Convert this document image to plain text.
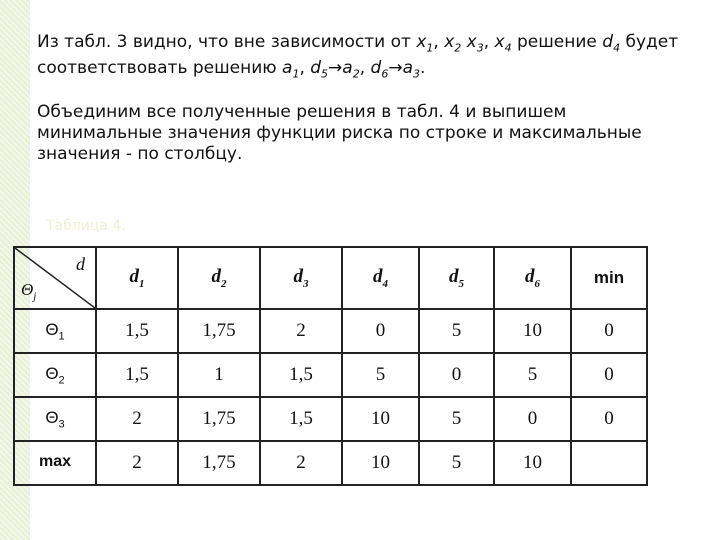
Из табл. 3 видно, что вне зависимости от $x_1$, $x_2$ $x_3$, $x_4$ решение $d_4$ будет соответствовать решению $a_1$, $d_5\to a_2$, $d_6\to a_3$.
Объединим все полученные решения в табл. 4 и выпишем минимальные значения функции риска по строке и максимальные значения - по столбцу.
Таблица 4.
d
$\Theta_j$	$d_1$	$d_2$	$d_3$	$d_4$	$d_5$	$d_6$	min
$\Theta_1$	1,5	1,75	2	0	5	10	0
$\Theta_2$	1,5	1	1,5	5	0	5	0
$\Theta_3$	2	1,75	1,5	10	5	0	0
max	2	1,75	2	10	5	10	
